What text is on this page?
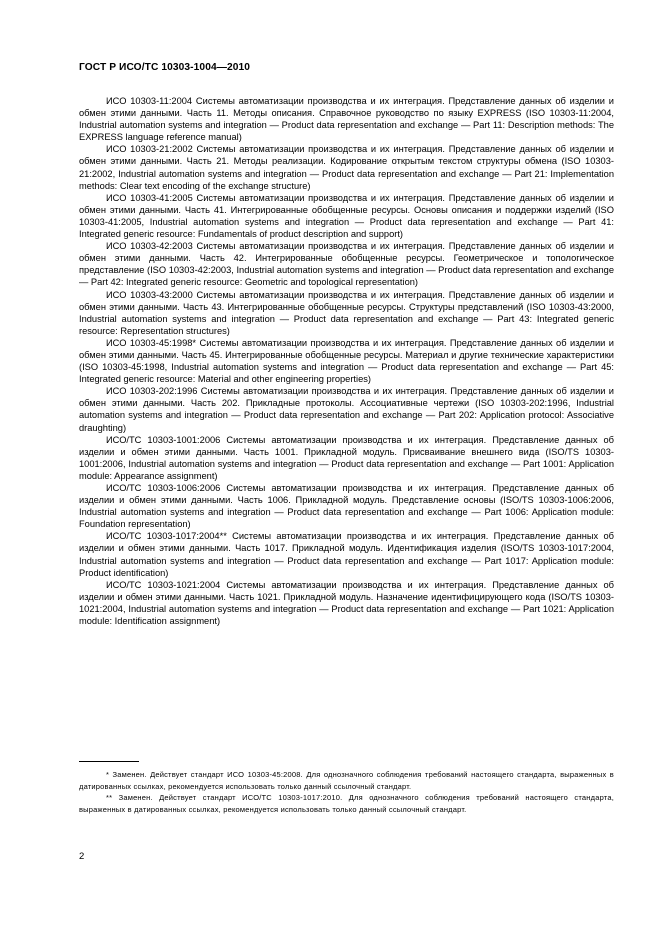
ГОСТ Р ИСО/ТС 10303-1004—2010

ИСО 10303-11:2004 Системы автоматизации производства и их интеграция. Представление данных об изделии и обмен этими данными. Часть 11. Методы описания. Справочное руководство по языку EXPRESS (ISO 10303-11:2004, Industrial automation systems and integration — Product data representation and exchange — Part 11: Description methods: The EXPRESS language reference manual)

ИСО 10303-21:2002 Системы автоматизации производства и их интеграция. Представление данных об изделии и обмен этими данными. Часть 21. Методы реализации. Кодирование открытым текстом структуры обмена (ISO 10303-21:2002, Industrial automation systems and integration — Product data representation and exchange — Part 21: Implementation methods: Clear text encoding of the exchange structure)

ИСО 10303-41:2005 Системы автоматизации производства и их интеграция. Представление данных об изделии и обмен этими данными. Часть 41. Интегрированные обобщенные ресурсы. Основы описания и поддержки изделий (ISO 10303-41:2005, Industrial automation systems and integration — Product data representation and exchange — Part 41: Integrated generic resource: Fundamentals of product description and support)

ИСО 10303-42:2003 Системы автоматизации производства и их интеграция. Представление данных об изделии и обмен этими данными. Часть 42. Интегрированные обобщенные ресурсы. Геометрическое и топологическое представление (ISO 10303-42:2003, Industrial automation systems and integration — Product data representation and exchange — Part 42: Integrated generic resource: Geometric and topological representation)

ИСО 10303-43:2000 Системы автоматизации производства и их интеграция. Представление данных об изделии и обмен этими данными. Часть 43. Интегрированные обобщенные ресурсы. Структуры представлений (ISO 10303-43:2000, Industrial automation systems and integration — Product data representation and exchange — Part 43: Integrated generic resource: Representation structures)

ИСО 10303-45:1998* Системы автоматизации производства и их интеграция. Представление данных об изделии и обмен этими данными. Часть 45. Интегрированные обобщенные ресурсы. Материал и другие технические характеристики (ISO 10303-45:1998, Industrial automation systems and integration — Product data representation and exchange — Part 45: Integrated generic resource: Material and other engineering properties)

ИСО 10303-202:1996 Системы автоматизации производства и их интеграция. Представление данных об изделии и обмен этими данными. Часть 202. Прикладные протоколы. Ассоциативные чертежи (ISO 10303-202:1996, Industrial automation systems and integration — Product data representation and exchange — Part 202: Application protocol: Associative draughting)

ИСО/ТС 10303-1001:2006 Системы автоматизации производства и их интеграция. Представление данных об изделии и обмен этими данными. Часть 1001. Прикладной модуль. Присваивание внешнего вида (ISO/TS 10303-1001:2006, Industrial automation systems and integration — Product data representation and exchange — Part 1001: Application module: Appearance assignment)

ИСО/ТС 10303-1006:2006 Системы автоматизации производства и их интеграция. Представление данных об изделии и обмен этими данными. Часть 1006. Прикладной модуль. Представление основы (ISO/TS 10303-1006:2006, Industrial automation systems and integration — Product data representation and exchange — Part 1006: Application module: Foundation representation)

ИСО/ТС 10303-1017:2004** Системы автоматизации производства и их интеграция. Представление данных об изделии и обмен этими данными. Часть 1017. Прикладной модуль. Идентификация изделия (ISO/TS 10303-1017:2004, Industrial automation systems and integration — Product data representation and exchange — Part 1017: Application module: Product identification)

ИСО/ТС 10303-1021:2004 Системы автоматизации производства и их интеграция. Представление данных об изделии и обмен этими данными. Часть 1021. Прикладной модуль. Назначение идентифицирующего кода (ISO/TS 10303-1021:2004, Industrial automation systems and integration — Product data representation and exchange — Part 1021: Application module: Identification assignment)

* Заменен. Действует стандарт ИСО 10303-45:2008. Для однозначного соблюдения требований настоящего стандарта, выраженных в датированных ссылках, рекомендуется использовать только данный ссылочный стандарт.

** Заменен. Действует стандарт ИСО/ТС 10303-1017:2010. Для однозначного соблюдения требований настоящего стандарта, выраженных в датированных ссылках, рекомендуется использовать только данный ссылочный стандарт.

2
